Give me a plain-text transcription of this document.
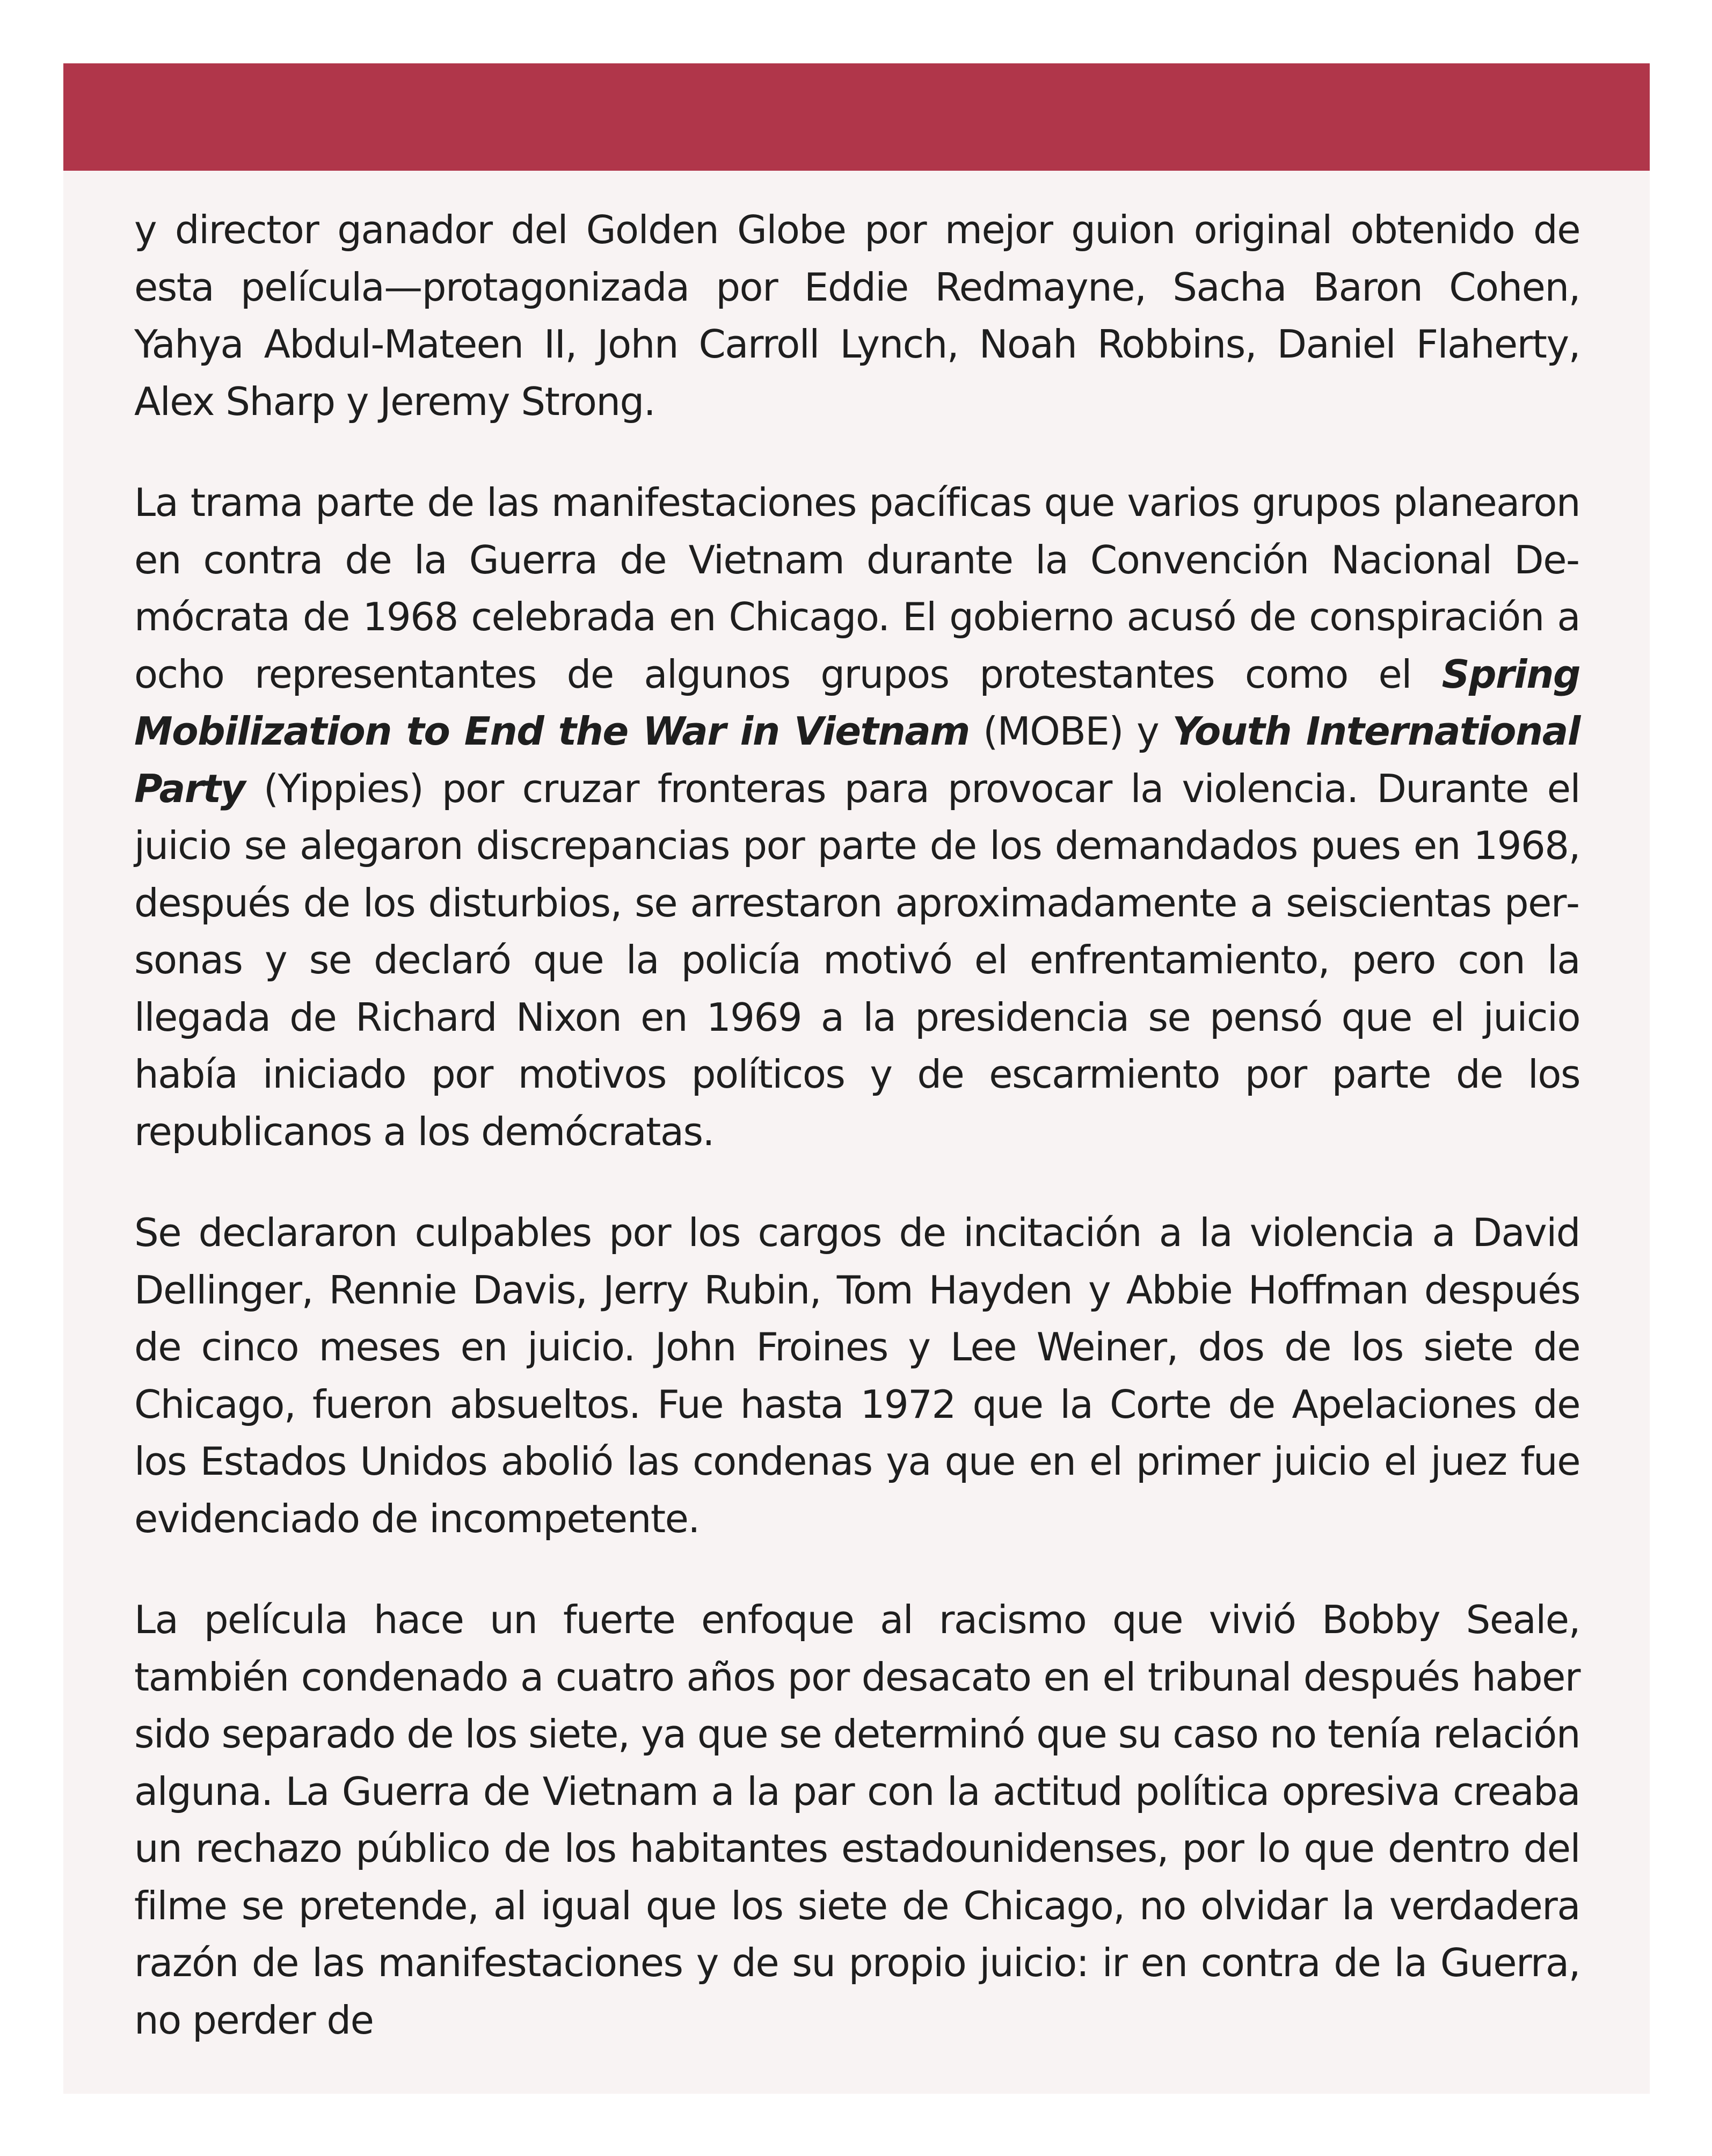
y director ganador del Golden Globe por mejor guion original obtenido de esta película—protagonizada por Eddie Redmayne, Sacha Baron Cohen, Yahya Abdul-Mateen II, John Carroll Lynch, Noah Robbins, Daniel Flaherty, Alex Sharp y Jeremy Strong.

La trama parte de las manifestaciones pacíficas que varios grupos planearon en contra de la Guerra de Vietnam durante la Convención Nacional Demócrata de 1968 celebrada en Chicago. El gobierno acusó de conspiración a ocho representantes de algunos grupos protestantes como el Spring Mobilization to End the War in Vietnam (MOBE) y Youth International Party (Yippies) por cruzar fronteras para provocar la violencia. Durante el juicio se alegaron discrepancias por parte de los demandados pues en 1968, después de los disturbios, se arrestaron aproximadamente a seiscientas personas y se declaró que la policía motivó el enfrentamiento, pero con la llegada de Richard Nixon en 1969 a la presidencia se pensó que el juicio había iniciado por motivos políticos y de escarmiento por parte de los republicanos a los demócratas.

Se declararon culpables por los cargos de incitación a la violencia a David Dellinger, Rennie Davis, Jerry Rubin, Tom Hayden y Abbie Hoffman después de cinco meses en juicio. John Froines y Lee Weiner, dos de los siete de Chicago, fueron absueltos. Fue hasta 1972 que la Corte de Apelaciones de los Estados Unidos abolió las condenas ya que en el primer juicio el juez fue evidenciado de incompetente.

La película hace un fuerte enfoque al racismo que vivió Bobby Seale, también condenado a cuatro años por desacato en el tribunal después haber sido separado de los siete, ya que se determinó que su caso no tenía relación alguna. La Guerra de Vietnam a la par con la actitud política opresiva creaba un rechazo público de los habitantes estadounidenses, por lo que dentro del filme se pretende, al igual que los siete de Chicago, no olvidar la verdadera razón de las manifestaciones y de su propio juicio: ir en contra de la Guerra, no perder de
